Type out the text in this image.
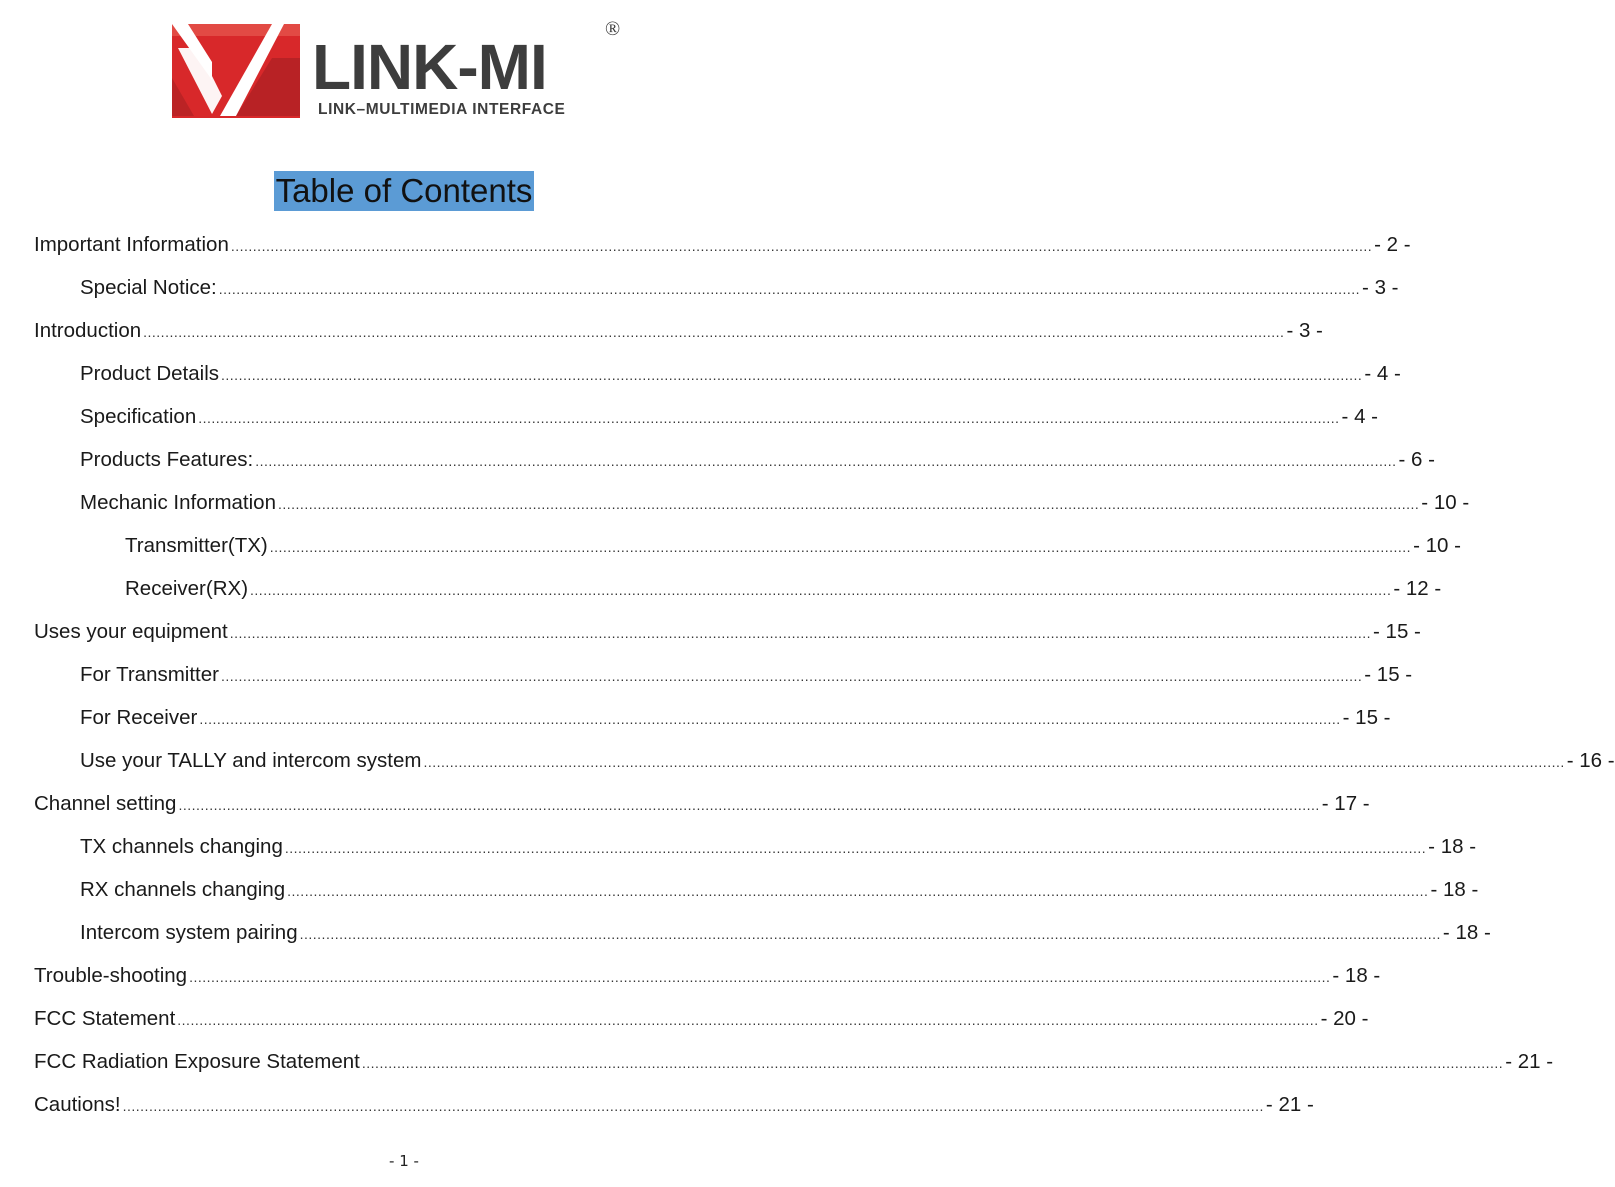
LINK-MI
®
LINK–MULTIMEDIA INTERFACE
Table of Contents
Important Information .................................................................................................................................................................................................................................................................... - 2 -
Special Notice: .................................................................................................................................................................................................................................................................... - 3 -
Introduction .................................................................................................................................................................................................................................................................... - 3 -
Product Details .................................................................................................................................................................................................................................................................... - 4 -
Specification .................................................................................................................................................................................................................................................................... - 4 -
Products Features: .................................................................................................................................................................................................................................................................... - 6 -
Mechanic Information .................................................................................................................................................................................................................................................................... - 10 -
Transmitter(TX) .................................................................................................................................................................................................................................................................... - 10 -
Receiver(RX) .................................................................................................................................................................................................................................................................... - 12 -
Uses your equipment .................................................................................................................................................................................................................................................................... - 15 -
For Transmitter .................................................................................................................................................................................................................................................................... - 15 -
For Receiver .................................................................................................................................................................................................................................................................... - 15 -
Use your TALLY and intercom system .................................................................................................................................................................................................................................................................... - 16 -
Channel setting .................................................................................................................................................................................................................................................................... - 17 -
TX channels changing .................................................................................................................................................................................................................................................................... - 18 -
RX channels changing .................................................................................................................................................................................................................................................................... - 18 -
Intercom system pairing .................................................................................................................................................................................................................................................................... - 18 -
Trouble-shooting .................................................................................................................................................................................................................................................................... - 18 -
FCC Statement .................................................................................................................................................................................................................................................................... - 20 -
FCC Radiation Exposure Statement .................................................................................................................................................................................................................................................................... - 21 -
Cautions! .................................................................................................................................................................................................................................................................... - 21 -
- 1 -
